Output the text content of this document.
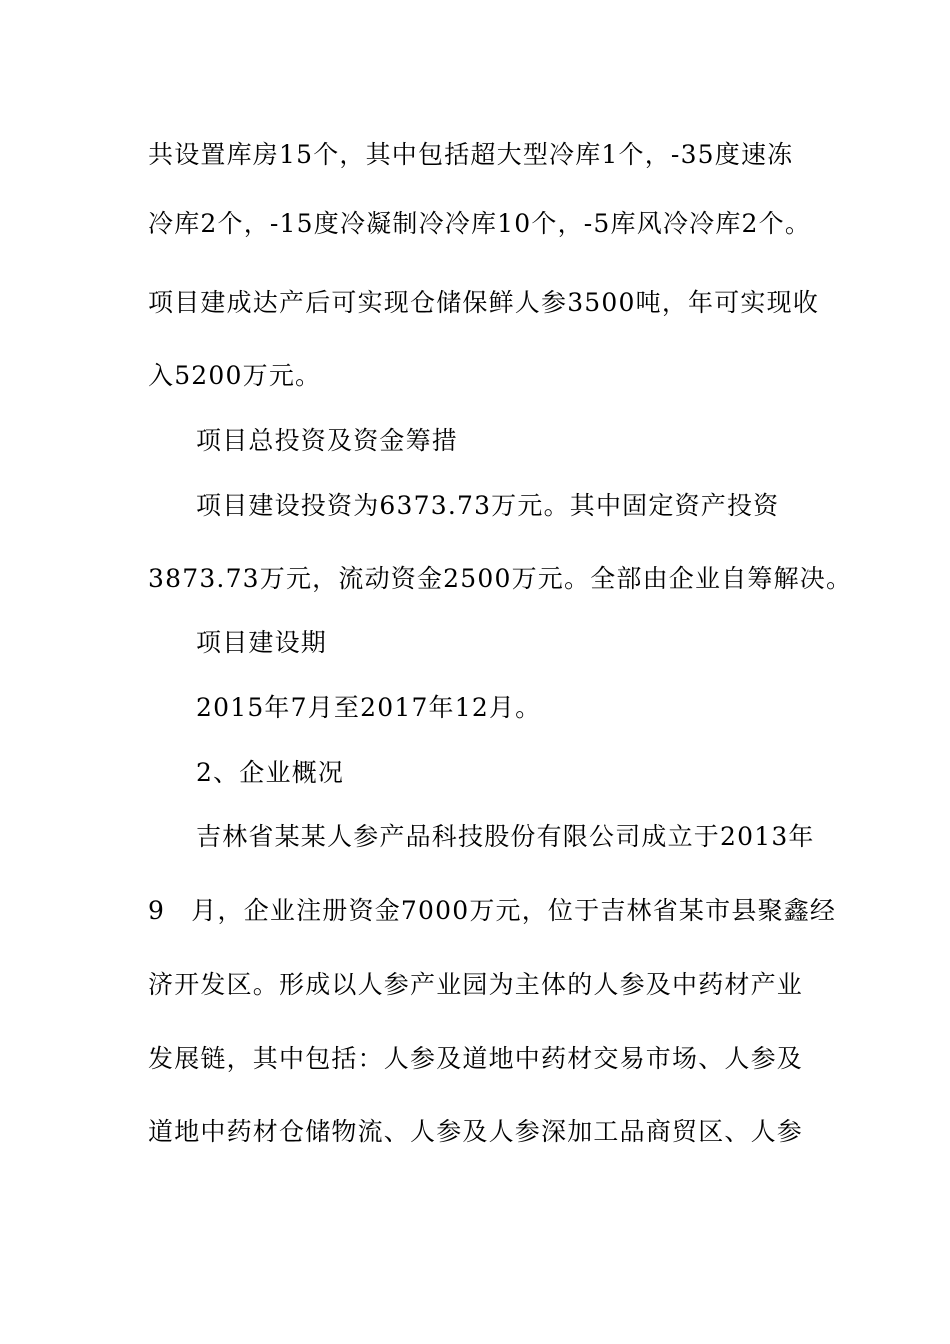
共设置库房15个，其中包括超大型冷库1个，-35度速冻
冷库2个，-15度冷凝制冷冷库10个，-5库风冷冷库2个。
项目建成达产后可实现仓储保鲜人参3500吨，年可实现收
入5200万元。
项目总投资及资金筹措
项目建设投资为6373.73万元。其中固定资产投资
3873.73万元，流动资金2500万元。全部由企业自筹解决。
项目建设期
2015年7月至2017年12月。
2、企业概况
吉林省某某人参产品科技股份有限公司成立于2013年
9　月，企业注册资金7000万元，位于吉林省某市县聚鑫经
济开发区。形成以人参产业园为主体的人参及中药材产业
发展链，其中包括：人参及道地中药材交易市场、人参及
道地中药材仓储物流、人参及人参深加工品商贸区、人参
